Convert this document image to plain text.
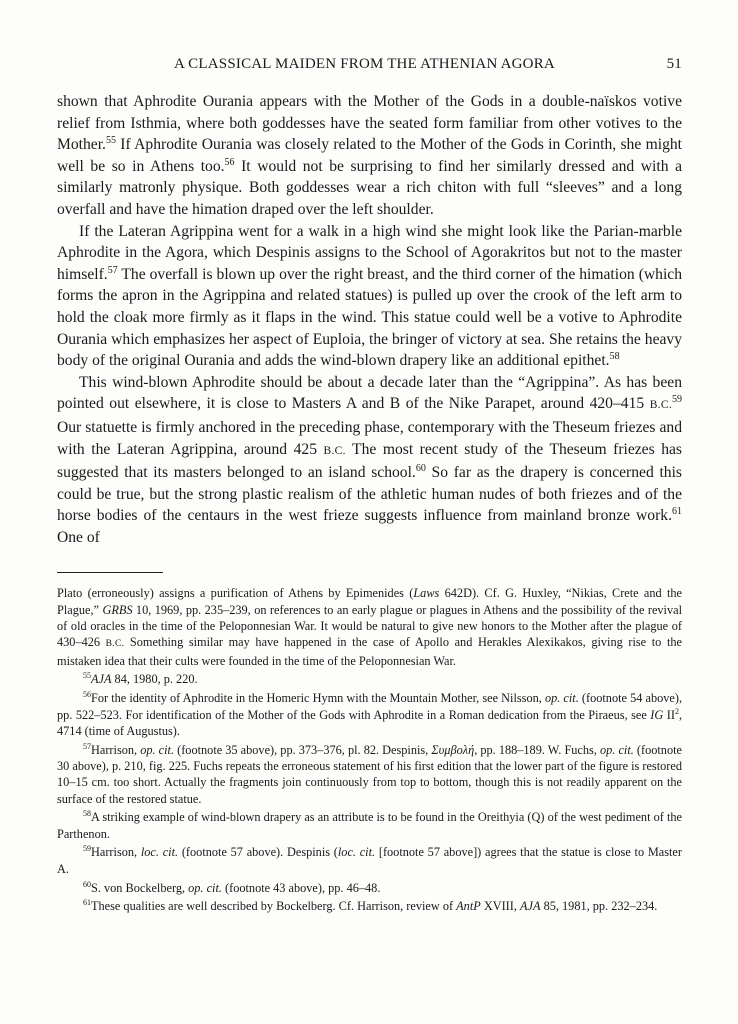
A CLASSICAL MAIDEN FROM THE ATHENIAN AGORA	51

shown that Aphrodite Ourania appears with the Mother of the Gods in a double-naïskos votive relief from Isthmia, where both goddesses have the seated form familiar from other votives to the Mother.$^{55}$ If Aphrodite Ourania was closely related to the Mother of the Gods in Corinth, she might well be so in Athens too.$^{56}$ It would not be surprising to find her similarly dressed and with a similarly matronly physique. Both goddesses wear a rich chiton with full “sleeves” and a long overfall and have the himation draped over the left shoulder.

If the Lateran Agrippina went for a walk in a high wind she might look like the Parian-marble Aphrodite in the Agora, which Despinis assigns to the School of Agorakritos but not to the master himself.$^{57}$ The overfall is blown up over the right breast, and the third corner of the himation (which forms the apron in the Agrippina and related statues) is pulled up over the crook of the left arm to hold the cloak more firmly as it flaps in the wind. This statue could well be a votive to Aphrodite Ourania which emphasizes her aspect of Euploia, the bringer of victory at sea. She retains the heavy body of the original Ourania and adds the wind-blown drapery like an additional epithet.$^{58}$

This wind-blown Aphrodite should be about a decade later than the “Agrippina”. As has been pointed out elsewhere, it is close to Masters A and B of the Nike Parapet, around 420–415 B.C.$^{59}$ Our statuette is firmly anchored in the preceding phase, contemporary with the Theseum friezes and with the Lateran Agrippina, around 425 B.C. The most recent study of the Theseum friezes has suggested that its masters belonged to an island school.$^{60}$ So far as the drapery is concerned this could be true, but the strong plastic realism of the athletic human nudes of both friezes and of the horse bodies of the centaurs in the west frieze suggests influence from mainland bronze work.$^{61}$ One of

Plato (erroneously) assigns a purification of Athens by Epimenides (Laws 642D). Cf. G. Huxley, “Nikias, Crete and the Plague,” GRBS 10, 1969, pp. 235–239, on references to an early plague or plagues in Athens and the possibility of the revival of old oracles in the time of the Peloponnesian War. It would be natural to give new honors to the Mother after the plague of 430–426 B.C. Something similar may have happened in the case of Apollo and Herakles Alexikakos, giving rise to the mistaken idea that their cults were founded in the time of the Peloponnesian War.

$^{55}$AJA 84, 1980, p. 220.

$^{56}$For the identity of Aphrodite in the Homeric Hymn with the Mountain Mother, see Nilsson, op. cit. (footnote 54 above), pp. 522–523. For identification of the Mother of the Gods with Aphrodite in a Roman dedication from the Piraeus, see IG $II^2$, 4714 (time of Augustus).

$^{57}$Harrison, op. cit. (footnote 35 above), pp. 373–376, pl. 82. Despinis, Συμβολή, pp. 188–189. W. Fuchs, op. cit. (footnote 30 above), p. 210, fig. 225. Fuchs repeats the erroneous statement of his first edition that the lower part of the figure is restored 10–15 cm. too short. Actually the fragments join continuously from top to bottom, though this is not readily apparent on the surface of the restored statue.

$^{58}$A striking example of wind-blown drapery as an attribute is to be found in the Oreithyia (Q) of the west pediment of the Parthenon.

$^{59}$Harrison, loc. cit. (footnote 57 above). Despinis (loc. cit. [footnote 57 above]) agrees that the statue is close to Master A.

$^{60}$S. von Bockelberg, op. cit. (footnote 43 above), pp. 46–48.

$^{61}$These qualities are well described by Bockelberg. Cf. Harrison, review of AntP XVIII, AJA 85, 1981, pp. 232–234.
